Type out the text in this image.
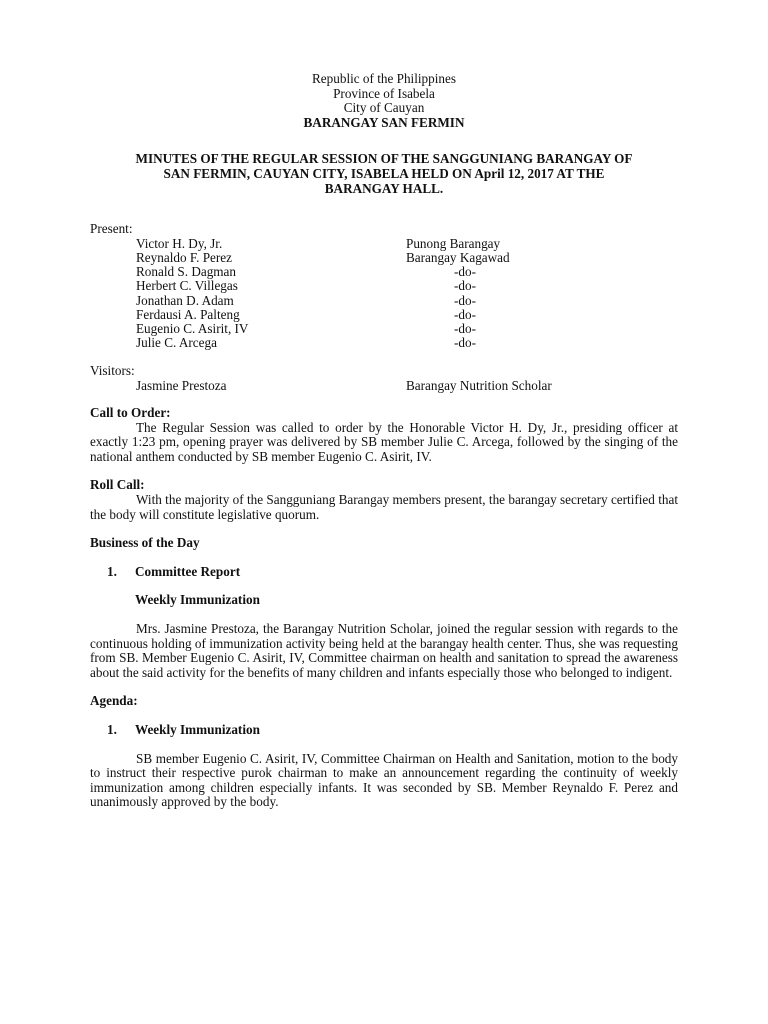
Republic of the Philippines
Province of Isabela
City of Cauyan
BARANGAY SAN FERMIN
MINUTES OF THE REGULAR SESSION OF THE SANGGUNIANG BARANGAY OF
SAN FERMIN, CAUYAN CITY, ISABELA HELD ON April 12, 2017 AT THE
BARANGAY HALL.
Present:
Victor H. Dy, Jr.	Punong Barangay
Reynaldo F. Perez	Barangay Kagawad
Ronald S. Dagman	-do-
Herbert C. Villegas	-do-
Jonathan D. Adam	-do-
Ferdausi A. Palteng	-do-
Eugenio C. Asirit, IV	-do-
Julie C. Arcega	-do-
Visitors:
Jasmine Prestoza	Barangay Nutrition Scholar
Call to Order:
The Regular Session was called to order by the Honorable Victor H. Dy, Jr., presiding officer at exactly 1:23 pm, opening prayer was delivered by SB member Julie C. Arcega, followed by the singing of the national anthem conducted by SB member Eugenio C. Asirit, IV.
Roll Call:
With the majority of the Sangguniang Barangay members present, the barangay secretary certified that the body will constitute legislative quorum.
Business of the Day
1. Committee Report
Weekly Immunization
Mrs. Jasmine Prestoza, the Barangay Nutrition Scholar, joined the regular session with regards to the continuous holding of immunization activity being held at the barangay health center. Thus, she was requesting from SB. Member Eugenio C. Asirit, IV, Committee chairman on health and sanitation to spread the awareness about the said activity for the benefits of many children and infants especially those who belonged to indigent.
Agenda:
1. Weekly Immunization
SB member Eugenio C. Asirit, IV, Committee Chairman on Health and Sanitation, motion to the body to instruct their respective purok chairman to make an announcement regarding the continuity of weekly immunization among children especially infants. It was seconded by SB. Member Reynaldo F. Perez and unanimously approved by the body.
